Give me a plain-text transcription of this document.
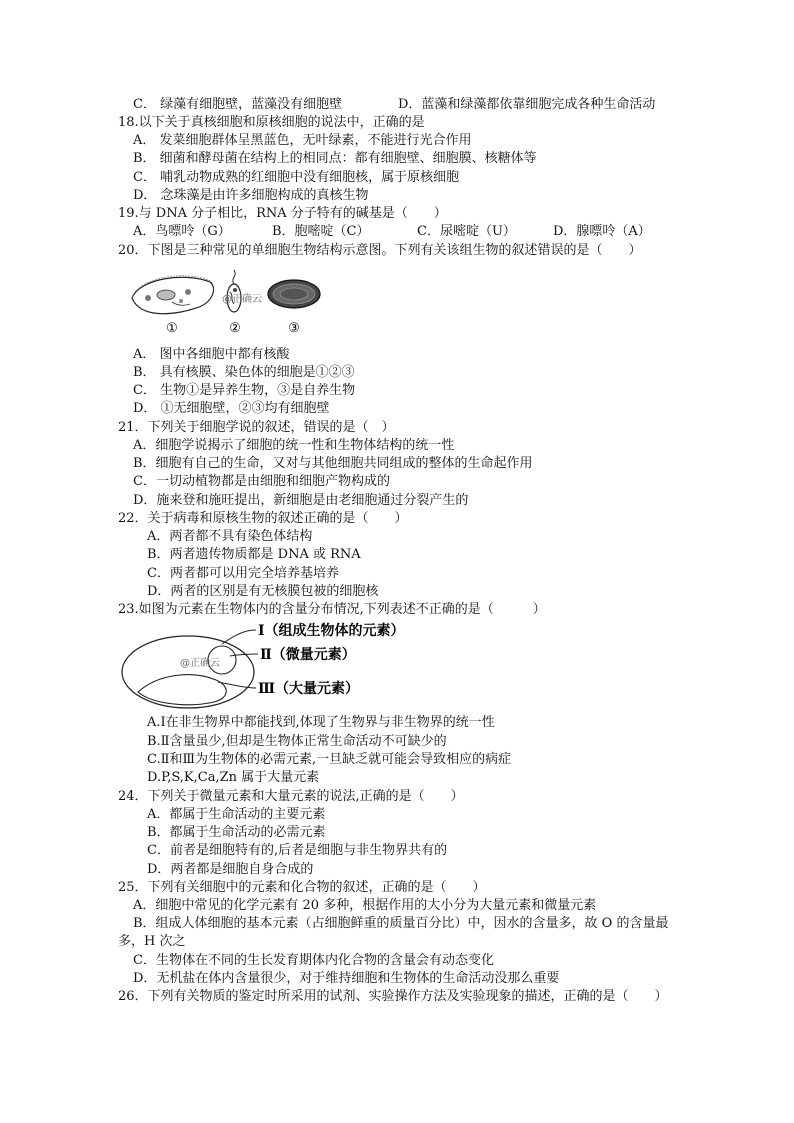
C． 绿藻有细胞壁，蓝藻没有细胞壁	D．蓝藻和绿藻都依靠细胞完成各种生命活动
18.以下关于真核细胞和原核细胞的说法中，正确的是
A． 发菜细胞群体呈黑蓝色，无叶绿素，不能进行光合作用
B． 细菌和酵母菌在结构上的相同点：都有细胞壁、细胞膜、核糖体等
C． 哺乳动物成熟的红细胞中没有细胞核，属于原核细胞
D． 念珠藻是由许多细胞构成的真核生物
19.与 DNA 分子相比，RNA 分子特有的碱基是（　　）
A．鸟嘌呤（G）	B．胞嘧啶（C）	C．尿嘧啶（U）	D．腺嘌呤（A）
20．下图是三种常见的单细胞生物结构示意图。下列有关该组生物的叙述错误的是（　　）
@正确云
①	②	③
A． 图中各细胞中都有核酸
B． 具有核膜、染色体的细胞是①②③
C． 生物①是异养生物，③是自养生物
D． ①无细胞壁，②③均有细胞壁
21．下列关于细胞学说的叙述，错误的是（　）
A．细胞学说揭示了细胞的统一性和生物体结构的统一性
B．细胞有自己的生命，又对与其他细胞共同组成的整体的生命起作用
C．一切动植物都是由细胞和细胞产物构成的
D．施来登和施旺提出，新细胞是由老细胞通过分裂产生的
22．关于病毒和原核生物的叙述正确的是（　　）
A．两者都不具有染色体结构
B．两者遗传物质都是 DNA 或 RNA
C．两者都可以用完全培养基培养
D．两者的区别是有无核膜包被的细胞核
23.如图为元素在生物体内的含量分布情况,下列表述不正确的是（　　　）
Ⅰ（组成生物体的元素）
Ⅱ（微量元素）
Ⅲ（大量元素）
@正确云
A.Ⅰ在非生物界中都能找到,体现了生物界与非生物界的统一性
B.Ⅱ含量虽少,但却是生物体正常生命活动不可缺少的
C.Ⅱ和Ⅲ为生物体的必需元素,一旦缺乏就可能会导致相应的病症
D.P,S,K,Ca,Zn 属于大量元素
24．下列关于微量元素和大量元素的说法,正确的是（　　）
A．都属于生命活动的主要元素
B．都属于生命活动的必需元素
C．前者是细胞特有的,后者是细胞与非生物界共有的
D．两者都是细胞自身合成的
25．下列有关细胞中的元素和化合物的叙述，正确的是（　　）
A．细胞中常见的化学元素有 20 多种，根据作用的大小分为大量元素和微量元素
B．组成人体细胞的基本元素（占细胞鲜重的质量百分比）中，因水的含量多，故 O 的含量最
多，H 次之
C．生物体在不同的生长发育期体内化合物的含量会有动态变化
D．无机盐在体内含量很少，对于维持细胞和生物体的生命活动没那么重要
26．下列有关物质的鉴定时所采用的试剂、实验操作方法及实验现象的描述，正确的是（　　）
